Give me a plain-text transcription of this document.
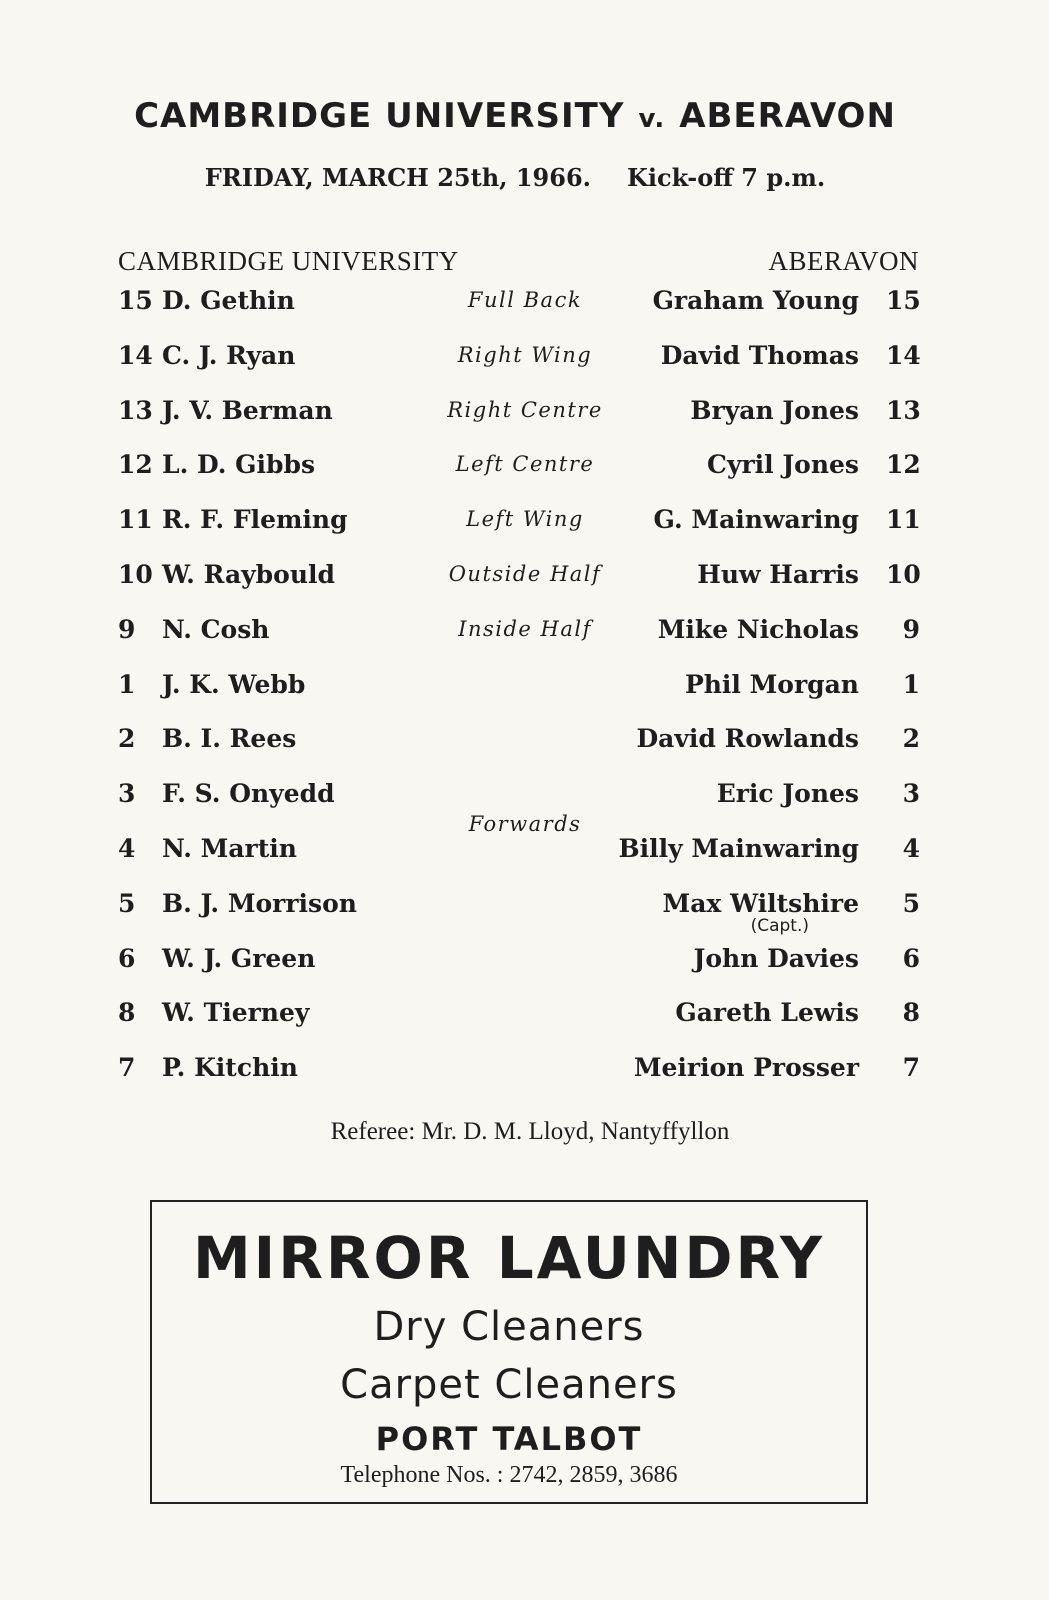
CAMBRIDGE UNIVERSITY v. ABERAVON
FRIDAY, MARCH 25th, 1966. Kick-off 7 p.m.
CAMBRIDGE UNIVERSITY	ABERAVON
15 D. Gethin	Full Back	Graham Young 15
14 C. J. Ryan	Right Wing	David Thomas 14
13 J. V. Berman	Right Centre	Bryan Jones 13
12 L. D. Gibbs	Left Centre	Cyril Jones 12
11 R. F. Fleming	Left Wing	G. Mainwaring 11
10 W. Raybould	Outside Half	Huw Harris 10
9	N. Cosh	Inside Half	Mike Nicholas	9
1	J. K. Webb	Phil Morgan	1
2	B. I. Rees	David Rowlands	2
3	F. S. Onyedd	Eric Jones	3
4	N. Martin	Billy Mainwaring	4
5	B. J. Morrison	Max Wiltshire	5
6	W. J. Green	John Davies	6
8	W. Tierney	Gareth Lewis	8
7	P. Kitchin	Meirion Prosser	7
Forwards
(Capt.)
Referee: Mr. D. M. Lloyd, Nantyffyllon
MIRROR LAUNDRY
Dry Cleaners
Carpet Cleaners
PORT TALBOT
Telephone Nos. : 2742, 2859, 3686
